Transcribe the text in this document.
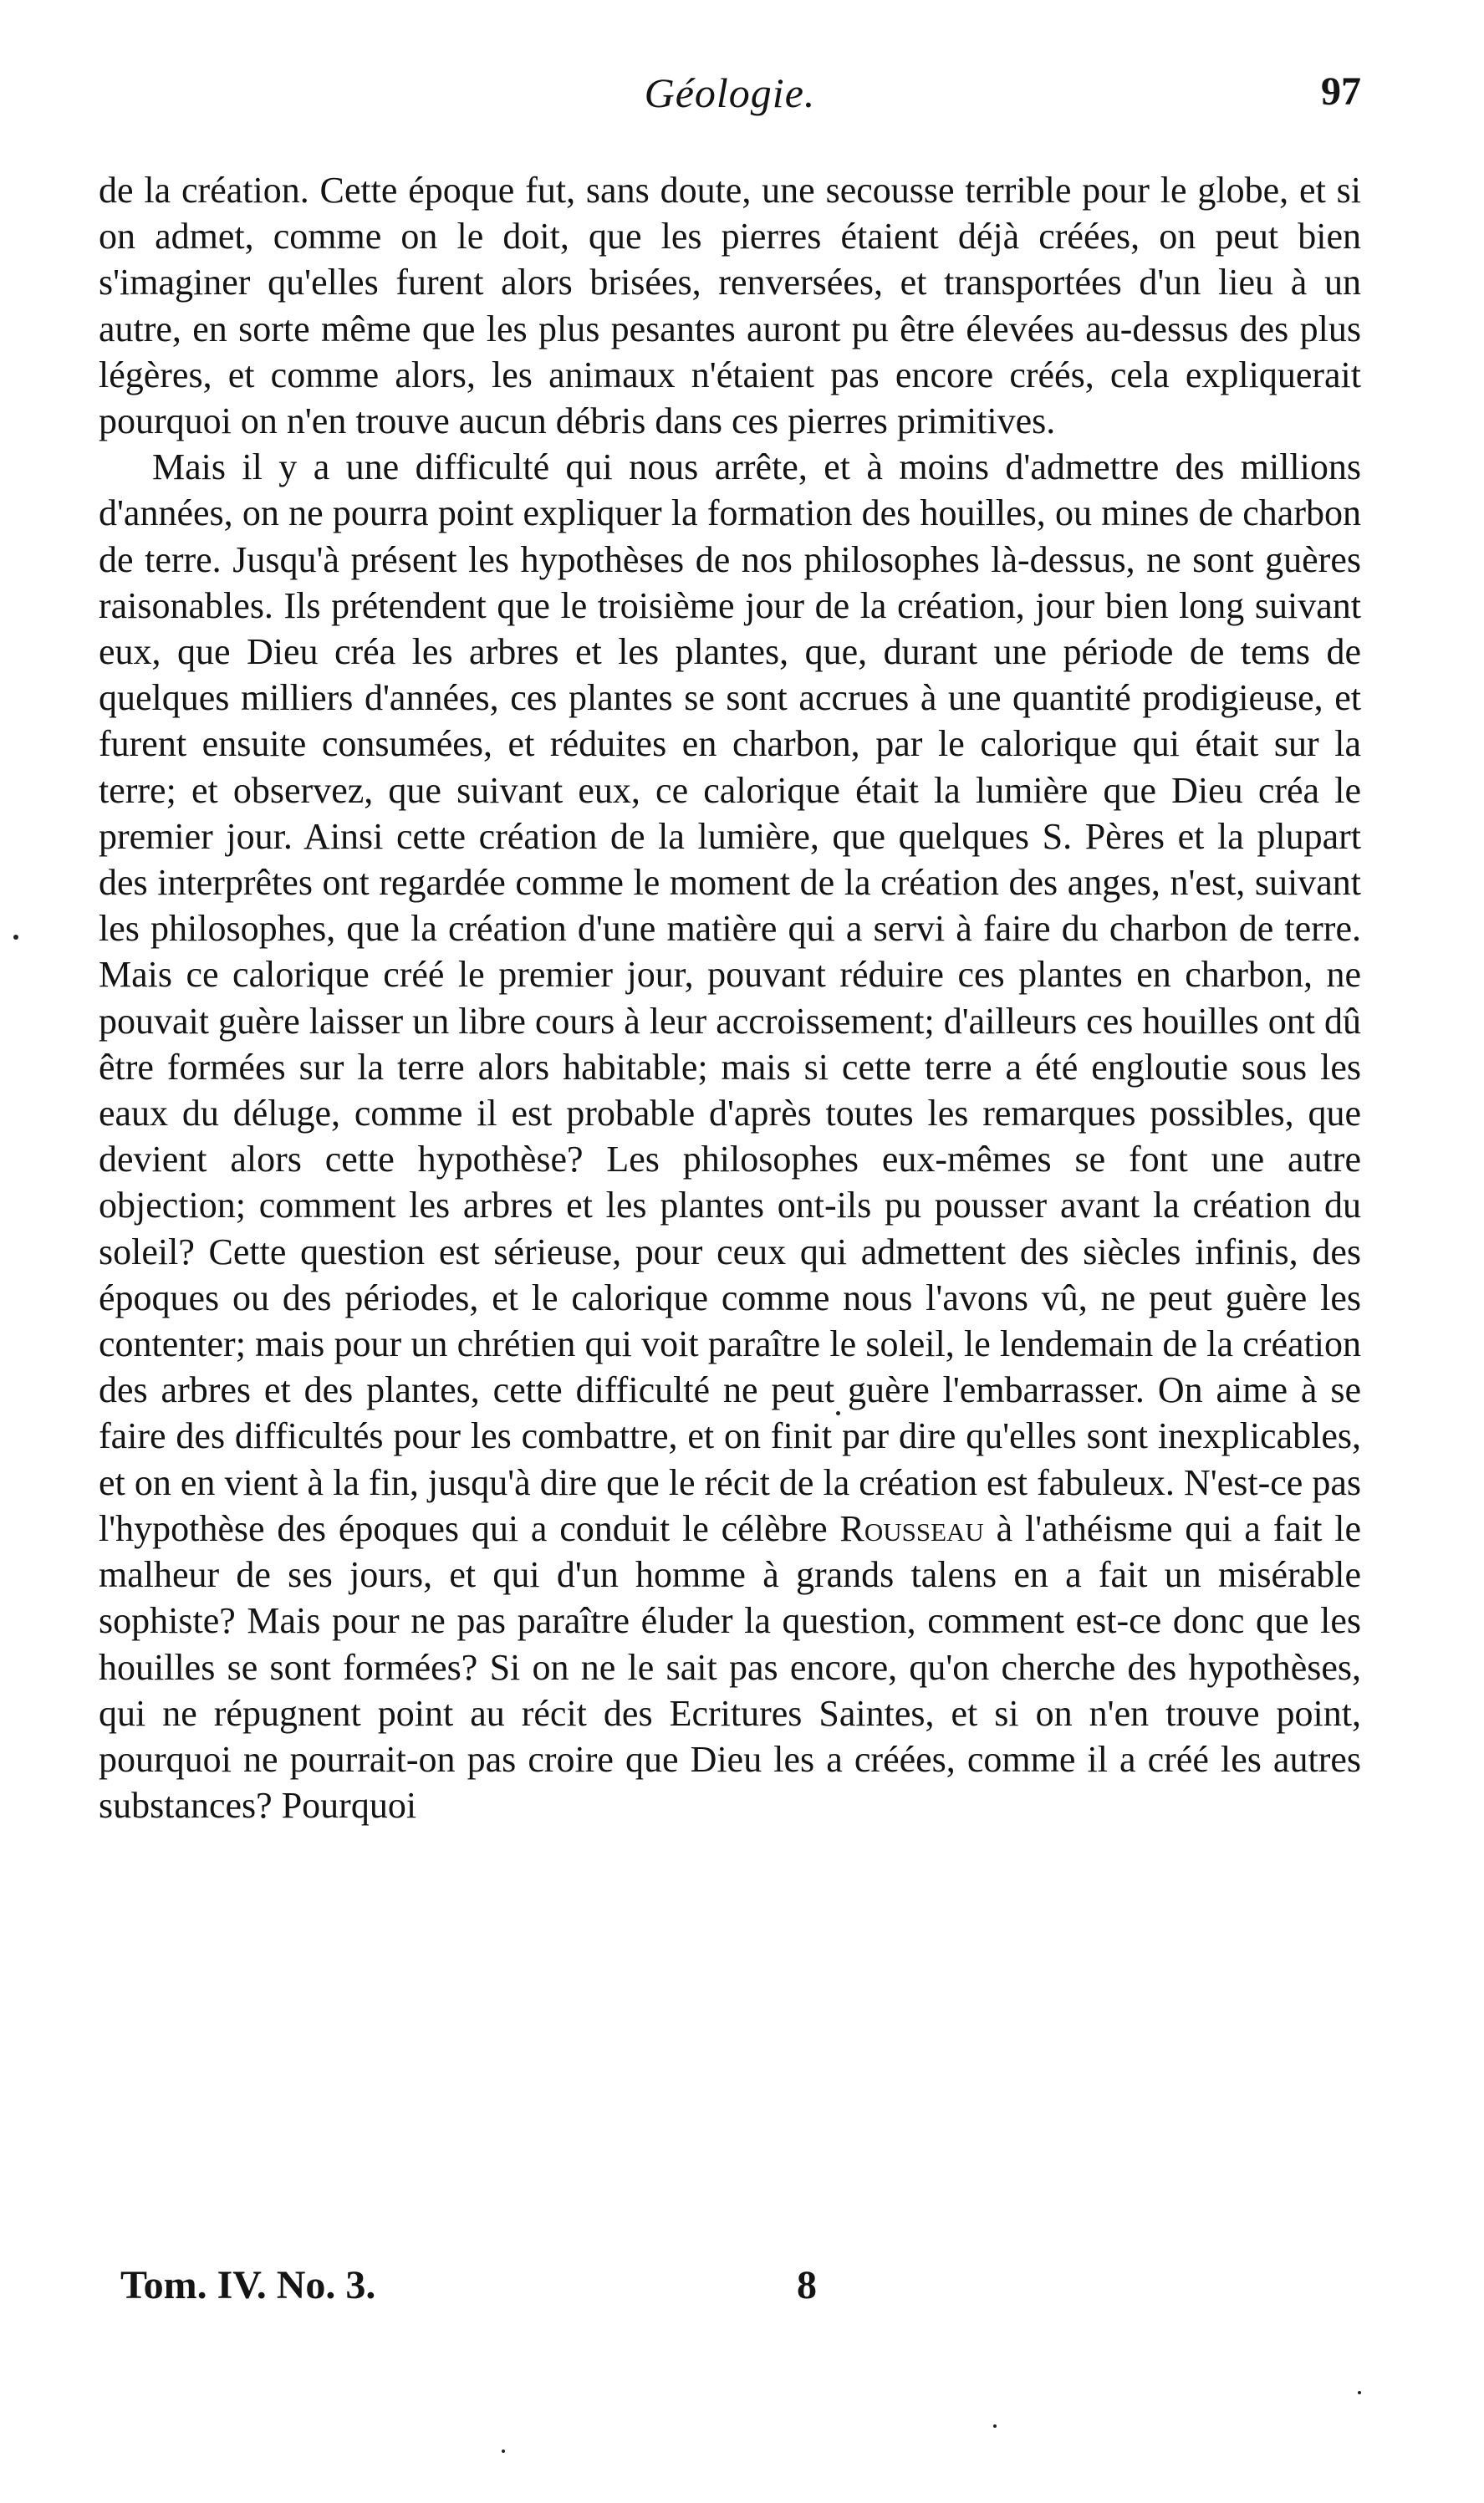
Géologie.	97

de la création. Cette époque fut, sans doute, une secousse terrible pour le globe, et si on admet, comme on le doit, que les pierres étaient déjà créées, on peut bien s'imaginer qu'elles furent alors brisées, renversées, et transportées d'un lieu à un autre, en sorte même que les plus pesantes auront pu être élevées au-dessus des plus légères, et comme alors, les animaux n'étaient pas encore créés, cela expliquerait pourquoi on n'en trouve aucun débris dans ces pierres primitives.

Mais il y a une difficulté qui nous arrête, et à moins d'admettre des millions d'années, on ne pourra point expliquer la formation des houilles, ou mines de charbon de terre. Jusqu'à présent les hypothèses de nos philosophes là-dessus, ne sont guères raisonables. Ils prétendent que le troisième jour de la création, jour bien long suivant eux, que Dieu créa les arbres et les plantes, que, durant une période de tems de quelques milliers d'années, ces plantes se sont accrues à une quantité prodigieuse, et furent ensuite consumées, et réduites en charbon, par le calorique qui était sur la terre; et observez, que suivant eux, ce calorique était la lumière que Dieu créa le premier jour. Ainsi cette création de la lumière, que quelques S. Pères et la plupart des interprêtes ont regardée comme le moment de la création des anges, n'est, suivant les philosophes, que la création d'une matière qui a servi à faire du charbon de terre. Mais ce calorique créé le premier jour, pouvant réduire ces plantes en charbon, ne pouvait guère laisser un libre cours à leur accroissement; d'ailleurs ces houilles ont dû être formées sur la terre alors habitable; mais si cette terre a été engloutie sous les eaux du déluge, comme il est probable d'après toutes les remarques possibles, que devient alors cette hypothèse? Les philosophes eux-mêmes se font une autre objection; comment les arbres et les plantes ont-ils pu pousser avant la création du soleil? Cette question est sérieuse, pour ceux qui admettent des siècles infinis, des époques ou des périodes, et le calorique comme nous l'avons vû, ne peut guère les contenter; mais pour un chrétien qui voit paraître le soleil, le lendemain de la création des arbres et des plantes, cette difficulté ne peut guère l'embarrasser. On aime à se faire des difficultés pour les combattre, et on finit par dire qu'elles sont inexplicables, et on en vient à la fin, jusqu'à dire que le récit de la création est fabuleux. N'est-ce pas l'hypothèse des époques qui a conduit le célèbre Rousseau à l'athéisme qui a fait le malheur de ses jours, et qui d'un homme à grands talens en a fait un misérable sophiste? Mais pour ne pas paraître éluder la question, comment est-ce donc que les houilles se sont formées? Si on ne le sait pas encore, qu'on cherche des hypothèses, qui ne répugnent point au récit des Ecritures Saintes, et si on n'en trouve point, pourquoi ne pourrait-on pas croire que Dieu les a créées, comme il a créé les autres substances? Pourquoi

Tom. IV. No. 3.	8
